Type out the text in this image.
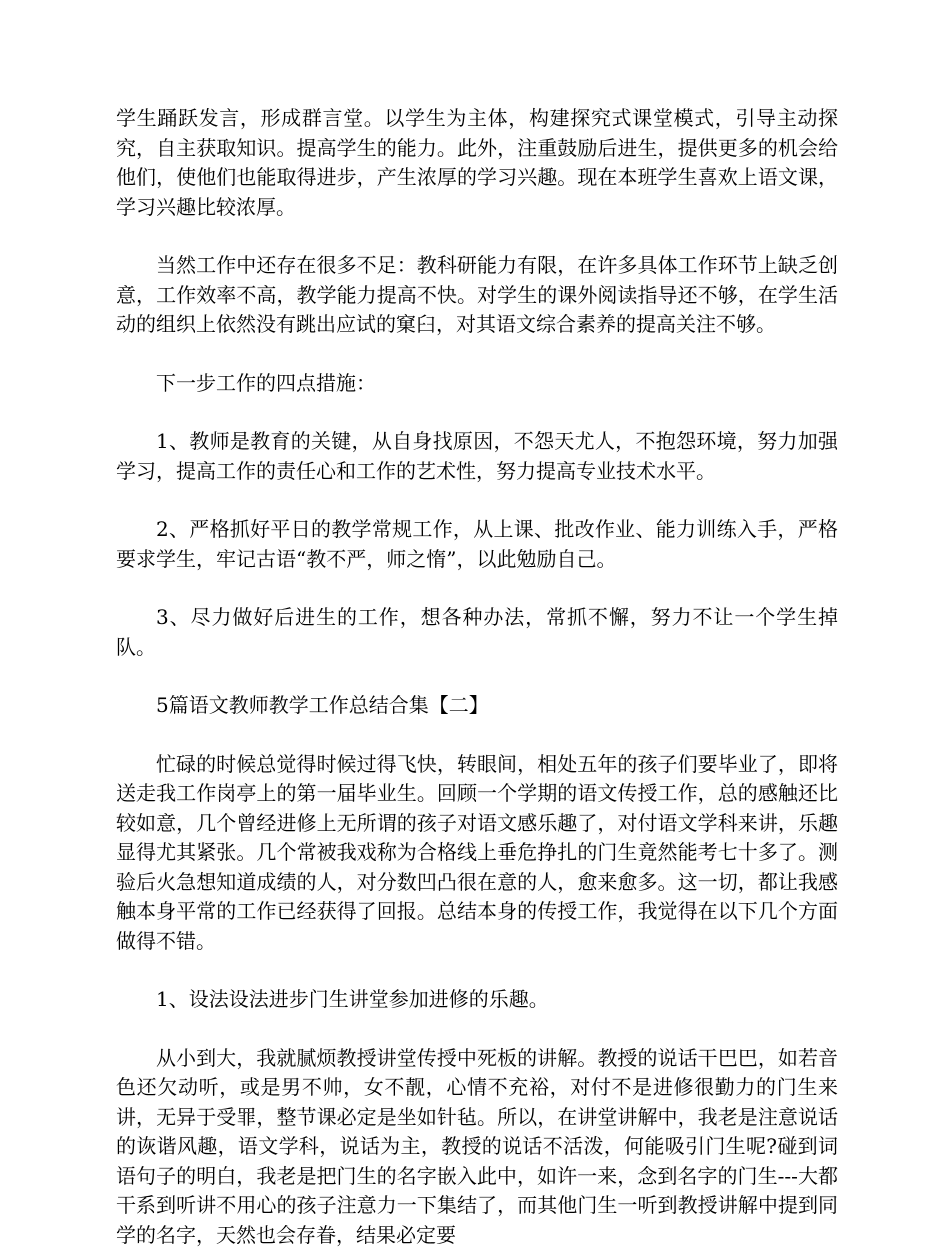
学生踊跃发言，形成群言堂。以学生为主体，构建探究式课堂模式，引导主动探究，自主获取知识。提高学生的能力。此外，注重鼓励后进生，提供更多的机会给他们，使他们也能取得进步，产生浓厚的学习兴趣。现在本班学生喜欢上语文课，学习兴趣比较浓厚。

当然工作中还存在很多不足：教科研能力有限，在许多具体工作环节上缺乏创意，工作效率不高，教学能力提高不快。对学生的课外阅读指导还不够，在学生活动的组织上依然没有跳出应试的窠臼，对其语文综合素养的提高关注不够。

下一步工作的四点措施：

1、教师是教育的关键，从自身找原因，不怨天尤人，不抱怨环境，努力加强学习，提高工作的责任心和工作的艺术性，努力提高专业技术水平。

2、严格抓好平日的教学常规工作，从上课、批改作业、能力训练入手，严格要求学生，牢记古语“教不严，师之惰”，以此勉励自己。

3、尽力做好后进生的工作，想各种办法，常抓不懈，努力不让一个学生掉队。

5篇语文教师教学工作总结合集【二】

忙碌的时候总觉得时候过得飞快，转眼间，相处五年的孩子们要毕业了，即将送走我工作岗亭上的第一届毕业生。回顾一个学期的语文传授工作，总的感触还比较如意，几个曾经进修上无所谓的孩子对语文感乐趣了，对付语文学科来讲，乐趣显得尤其紧张。几个常被我戏称为合格线上垂危挣扎的门生竟然能考七十多了。测验后火急想知道成绩的人，对分数凹凸很在意的人，愈来愈多。这一切，都让我感触本身平常的工作已经获得了回报。总结本身的传授工作，我觉得在以下几个方面做得不错。

1、设法设法进步门生讲堂参加进修的乐趣。

从小到大，我就腻烦教授讲堂传授中死板的讲解。教授的说话干巴巴，如若音色还欠动听，或是男不帅，女不靓，心情不充裕，对付不是进修很勤力的门生来讲，无异于受罪，整节课必定是坐如针毡。所以，在讲堂讲解中，我老是注意说话的诙谐风趣，语文学科，说话为主，教授的说话不活泼，何能吸引门生呢?碰到词语句子的明白，我老是把门生的名字嵌入此中，如许一来，念到名字的门生---大都干系到听讲不用心的孩子注意力一下集结了，而其他门生一听到教授讲解中提到同学的名字，天然也会存眷，结果必定要
